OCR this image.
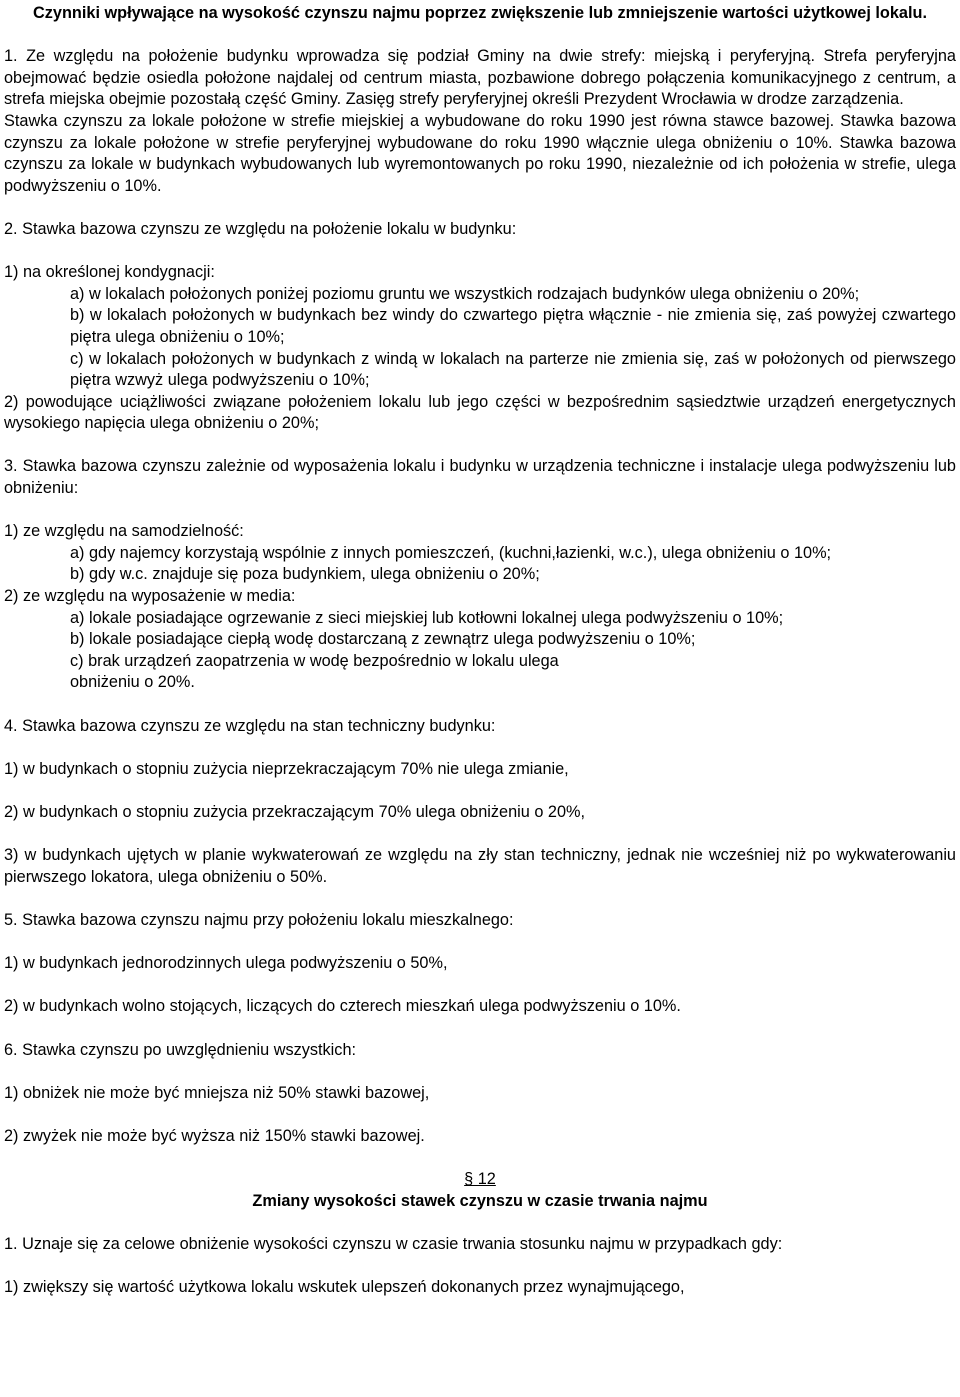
Czynniki wpływające na wysokość czynszu najmu poprzez zwiększenie lub zmniejszenie wartości użytkowej lokalu.

1. Ze względu na położenie budynku wprowadza się podział Gminy na dwie strefy: miejską i peryferyjną. Strefa peryferyjna obejmować będzie osiedla położone najdalej od centrum miasta, pozbawione dobrego połączenia komunikacyjnego z centrum, a strefa miejska obejmie pozostałą część Gminy. Zasięg strefy peryferyjnej określi Prezydent Wrocławia w drodze zarządzenia.

Stawka czynszu za lokale położone w strefie miejskiej a wybudowane do roku 1990 jest równa stawce bazowej. Stawka bazowa czynszu za lokale położone w strefie peryferyjnej wybudowane do roku 1990 włącznie ulega obniżeniu o 10%. Stawka bazowa czynszu za lokale w budynkach wybudowanych lub wyremontowanych po roku 1990, niezależnie od ich położenia w strefie, ulega podwyższeniu o 10%.

2. Stawka bazowa czynszu ze względu na położenie lokalu w budynku:

1) na określonej kondygnacji:

a) w lokalach położonych poniżej poziomu gruntu we wszystkich rodzajach budynków ulega obniżeniu o 20%;

b) w lokalach położonych w budynkach bez windy do czwartego piętra włącznie - nie zmienia się, zaś powyżej czwartego piętra ulega obniżeniu o 10%;

c) w lokalach położonych w budynkach z windą w lokalach na parterze nie zmienia się, zaś w położonych od pierwszego piętra wzwyż ulega podwyższeniu o 10%;

2) powodujące uciążliwości związane położeniem lokalu lub jego części w bezpośrednim sąsiedztwie urządzeń energetycznych wysokiego napięcia ulega obniżeniu o 20%;

3. Stawka bazowa czynszu zależnie od wyposażenia lokalu i budynku w urządzenia techniczne i instalacje ulega podwyższeniu lub obniżeniu:

1) ze względu na samodzielność:

a) gdy najemcy korzystają wspólnie z innych pomieszczeń, (kuchni,łazienki, w.c.), ulega obniżeniu o 10%;

b) gdy w.c. znajduje się poza budynkiem, ulega obniżeniu o 20%;

2) ze względu na wyposażenie w media:

a) lokale posiadające ogrzewanie z sieci miejskiej lub kotłowni lokalnej ulega podwyższeniu o 10%;

b) lokale posiadające ciepłą wodę dostarczaną z zewnątrz ulega podwyższeniu o 10%;

c) brak urządzeń zaopatrzenia w wodę bezpośrednio w lokalu ulega

obniżeniu o 20%.

4. Stawka bazowa czynszu ze względu na stan techniczny budynku:

1) w budynkach o stopniu zużycia nieprzekraczającym 70% nie ulega zmianie,

2) w budynkach o stopniu zużycia przekraczającym 70% ulega obniżeniu o 20%,

3) w budynkach ujętych w planie wykwaterowań ze względu na zły stan techniczny, jednak nie wcześniej niż po wykwaterowaniu pierwszego lokatora, ulega obniżeniu o 50%.

5. Stawka bazowa czynszu najmu przy położeniu lokalu mieszkalnego:

1) w budynkach jednorodzinnych ulega podwyższeniu o 50%,

2) w budynkach wolno stojących, liczących do czterech mieszkań ulega podwyższeniu o 10%.

6. Stawka czynszu po uwzględnieniu wszystkich:

1) obniżek nie może być mniejsza niż 50% stawki bazowej,

2) zwyżek nie może być wyższa niż 150% stawki bazowej.

§ 12

Zmiany wysokości stawek czynszu w czasie trwania najmu

1. Uznaje się za celowe obniżenie wysokości czynszu w czasie trwania stosunku najmu w przypadkach gdy:

1) zwiększy się wartość użytkowa lokalu wskutek ulepszeń dokonanych przez wynajmującego,
